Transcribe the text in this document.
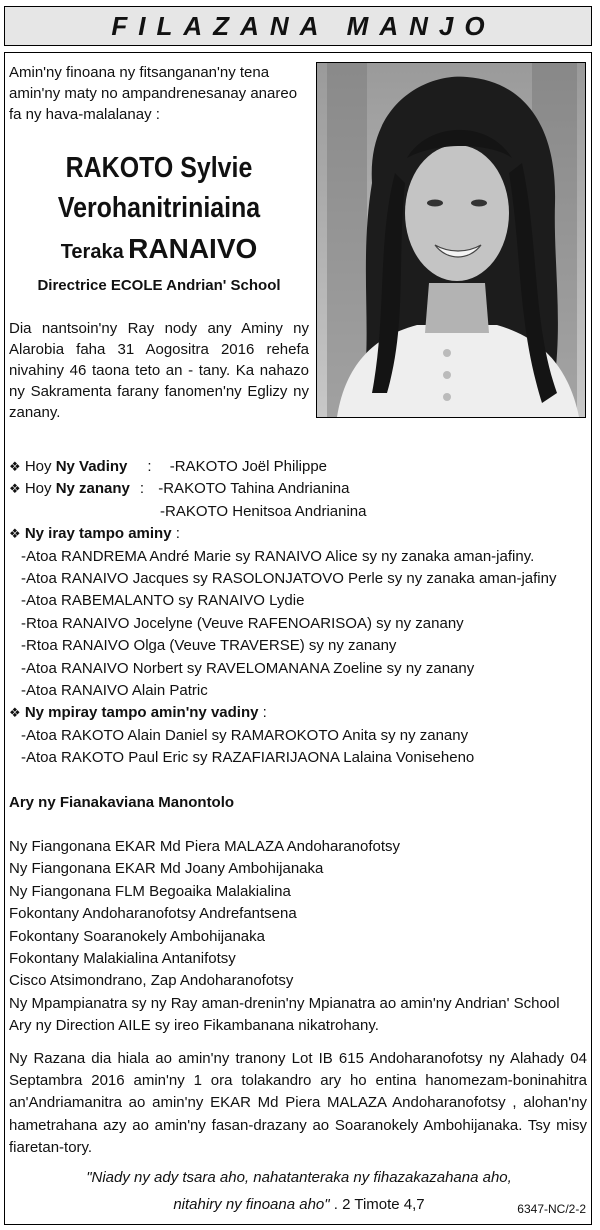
FILAZANA MANJO
Amin'ny finoana ny fitsanganan'ny tena amin'ny maty no ampandrenesanay anareo fa ny hava-malalanay :
RAKOTO Sylvie
Verohanitriniaina
Teraka RANAIVO
Directrice ECOLE Andrian' School
Dia nantsoin'ny Ray nody any Aminy ny Alarobia faha 31 Aogositra 2016 rehefa nivahiny 46 taona teto an - tany. Ka nahazo ny Sakramenta farany fanomen'ny Eglizy ny zanany.
❖ Hoy Ny Vadiny : -RAKOTO Joël Philippe
❖ Hoy Ny zanany : -RAKOTO Tahina Andrianina
-RAKOTO Henitsoa Andrianina
❖ Ny iray tampo aminy :
-Atoa RANDREMA André Marie sy RANAIVO Alice sy ny zanaka aman-jafiny.
-Atoa RANAIVO Jacques sy RASOLONJATOVO Perle sy ny zanaka aman-jafiny
-Atoa RABEMALANTO sy RANAIVO Lydie
-Rtoa RANAIVO Jocelyne (Veuve RAFENOARISOA) sy ny zanany
-Rtoa RANAIVO Olga (Veuve TRAVERSE) sy ny zanany
-Atoa RANAIVO Norbert sy RAVELOMANANA Zoeline sy ny zanany
-Atoa RANAIVO Alain Patric
❖ Ny mpiray tampo amin'ny vadiny :
-Atoa RAKOTO Alain Daniel sy RAMAROKOTO Anita sy ny zanany
-Atoa RAKOTO Paul Eric sy RAZAFIARIJAONA Lalaina Voniseheno
Ary ny Fianakaviana Manontolo
Ny Fiangonana EKAR Md Piera MALAZA Andoharanofotsy
Ny Fiangonana EKAR Md Joany Ambohijanaka
Ny Fiangonana FLM Begoaika Malakialina
Fokontany Andoharanofotsy Andrefantsena
Fokontany Soaranokely Ambohijanaka
Fokontany Malakialina Antanifotsy
Cisco Atsimondrano, Zap Andoharanofotsy
Ny Mpampianatra sy ny Ray aman-drenin'ny Mpianatra ao amin'ny Andrian' School
Ary ny Direction AILE sy ireo Fikambanana nikatrohany.
Ny Razana dia hiala ao amin'ny tranony Lot IB 615 Andoharanofotsy ny Alahady 04 Septambra 2016 amin'ny 1 ora tolakandro ary ho entina hanomezam-boninahitra an'Andriamanitra ao amin'ny EKAR Md Piera MALAZA Andoharanofotsy , alohan'ny hametrahana azy ao amin'ny fasan-drazany ao Soaranokely Ambohijanaka. Tsy misy fiaretan-tory.
"Niady ny ady tsara aho, nahatanteraka ny fihazakazahana aho,
nitahiry ny finoana aho" . 2 Timote 4,7	6347-NC/2-2
